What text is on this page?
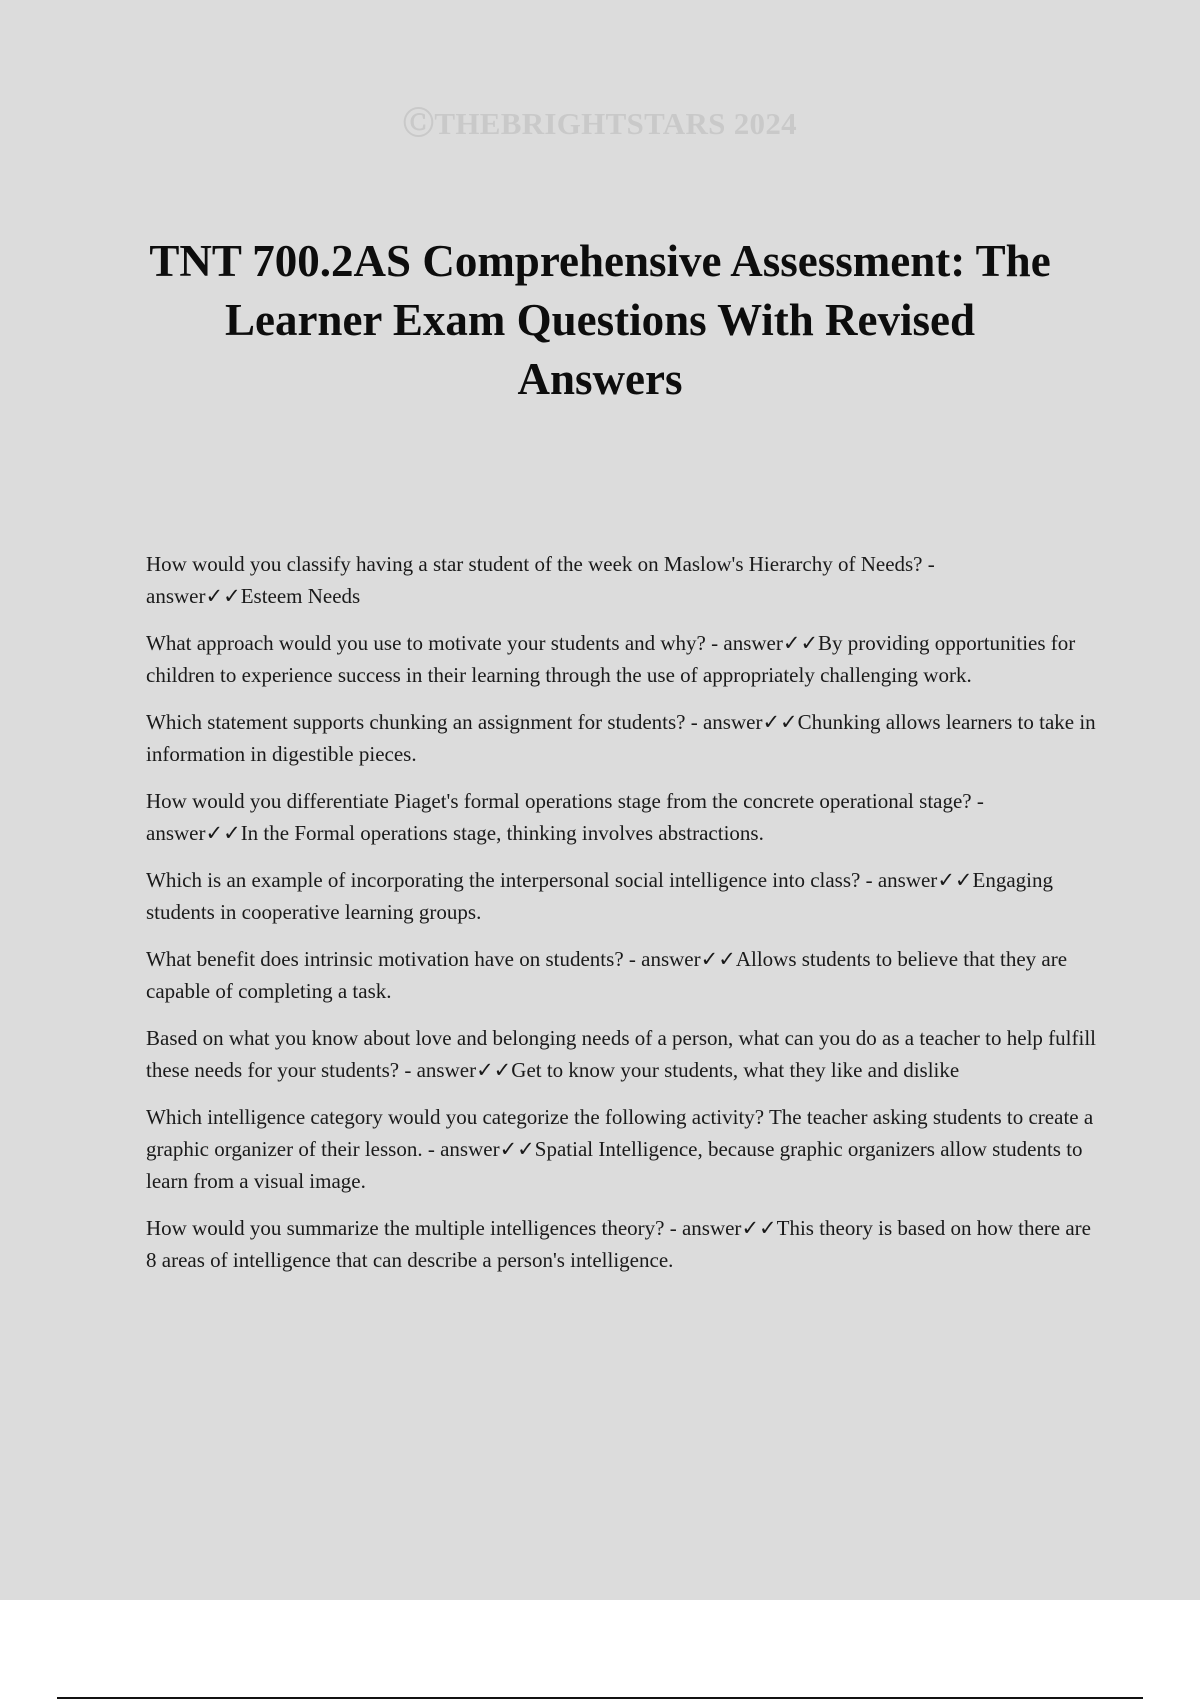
ⒸTHEBRIGHTSTARS 2024
TNT 700.2AS Comprehensive Assessment: The Learner Exam Questions With Revised Answers
How would you classify having a star student of the week on Maslow's Hierarchy of Needs? - answer✓✓Esteem Needs
What approach would you use to motivate your students and why? - answer✓✓By providing opportunities for children to experience success in their learning through the use of appropriately challenging work.
Which statement supports chunking an assignment for students? - answer✓✓Chunking allows learners to take in information in digestible pieces.
How would you differentiate Piaget's formal operations stage from the concrete operational stage? - answer✓✓In the Formal operations stage, thinking involves abstractions.
Which is an example of incorporating the interpersonal social intelligence into class? - answer✓✓Engaging students in cooperative learning groups.
What benefit does intrinsic motivation have on students? - answer✓✓Allows students to believe that they are capable of completing a task.
Based on what you know about love and belonging needs of a person, what can you do as a teacher to help fulfill these needs for your students? - answer✓✓Get to know your students, what they like and dislike
Which intelligence category would you categorize the following activity? The teacher asking students to create a graphic organizer of their lesson. - answer✓✓Spatial Intelligence, because graphic organizers allow students to learn from a visual image.
How would you summarize the multiple intelligences theory? - answer✓✓This theory is based on how there are 8 areas of intelligence that can describe a person's intelligence.
